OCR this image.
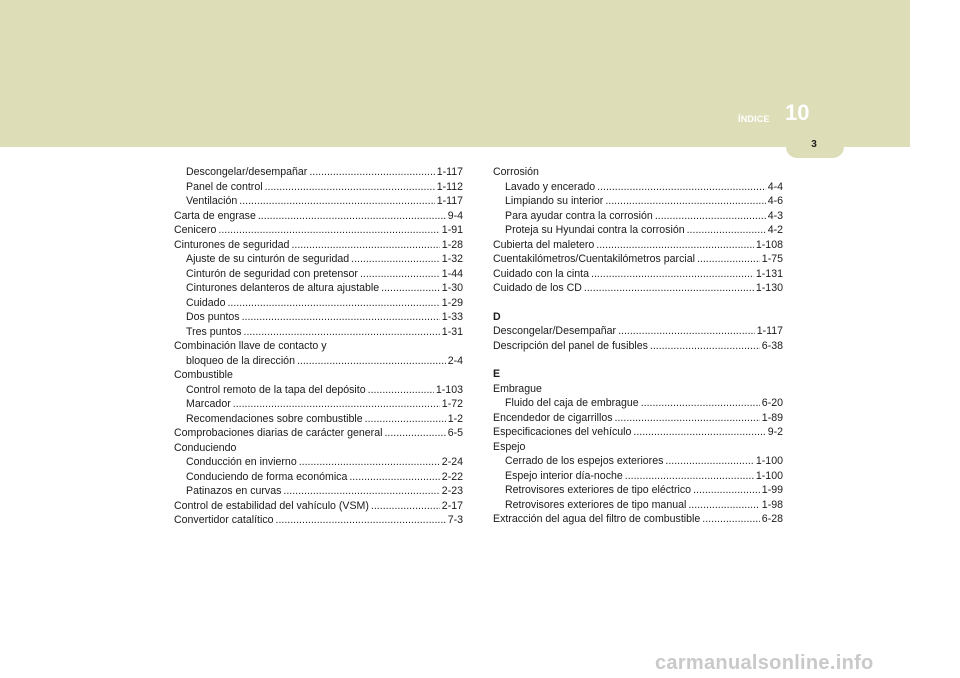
ÍNDICE 10
3
Descongelar/desempañar .....	1-117
Panel de control .....	1-112
Ventilación .....	1-117
Carta de engrase .....	9-4
Cenicero .....	1-91
Cinturones de seguridad .....	1-28
Ajuste de su cinturón de seguridad .....	1-32
Cinturón de seguridad con pretensor .....	1-44
Cinturones delanteros de altura ajustable .....	1-30
Cuidado .....	1-29
Dos puntos .....	1-33
Tres puntos .....	1-31
Combinación llave de contacto y
bloqueo de la dirección .....	2-4
Combustible
Control remoto de la tapa del depósito .....	1-103
Marcador .....	1-72
Recomendaciones sobre combustible .....	1-2
Comprobaciones diarias de carácter general .....	6-5
Conduciendo
Conducción en invierno .....	2-24
Conduciendo de forma económica .....	2-22
Patinazos en curvas .....	2-23
Control de estabilidad del vahículo (VSM) .....	2-17
Convertidor catalítico .....	7-3
Corrosión
Lavado y encerado .....	4-4
Limpiando su interior .....	4-6
Para ayudar contra la corrosión .....	4-3
Proteja su Hyundai contra la corrosión .....	4-2
Cubierta del maletero .....	1-108
Cuentakilómetros/Cuentakilómetros parcial .....	1-75
Cuidado con la cinta .....	1-131
Cuidado de los CD .....	1-130
D
Descongelar/Desempañar .....	1-117
Descripción del panel de fusibles .....	6-38
E
Embrague
Fluido del caja de embrague .....	6-20
Encendedor de cigarrillos .....	1-89
Especificaciones del vehículo .....	9-2
Espejo
Cerrado de los espejos exteriores .....	1-100
Espejo interior día-noche .....	1-100
Retrovisores exteriores de tipo eléctrico .....	1-99
Retrovisores exteriores de tipo manual .....	1-98
Extracción del agua del filtro de combustible .....	6-28
carmanualsonline.info
